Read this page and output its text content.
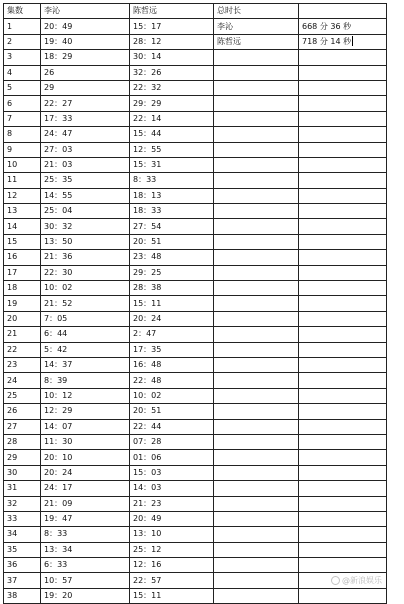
集数	李沁	陈哲远	总时长	
1	20：49	15：17	李沁	668 分 36 秒
2	19：40	28：12	陈哲远	718 分 14 秒
3	18：29	30：14		
4	26	32：26		
5	29	22：32		
6	22：27	29：29		
7	17：33	22：14		
8	24：47	15：44		
9	27：03	12：55		
10	21：03	15：31		
11	25：35	8：33		
12	14：55	18：13		
13	25：04	18：33		
14	30：32	27：54		
15	13：50	20：51		
16	21：36	23：48		
17	22：30	29：25		
18	10：02	28：38		
19	21：52	15：11		
20	7：05	20：24		
21	6：44	2：47		
22	5：42	17：35		
23	14：37	16：48		
24	8：39	22：48		
25	10：12	10：02		
26	12：29	20：51		
27	14：07	22：44		
28	11：30	07：28		
29	20：10	01：06		
30	20：24	15：03		
31	24：17	14：03		
32	21：09	21：23		
33	19：47	20：49		
34	8：33	13：10		
35	13：34	25：12		
36	6：33	12：16		
37	10：57	22：57		
38	19：20	15：11		
@新浪娱乐
